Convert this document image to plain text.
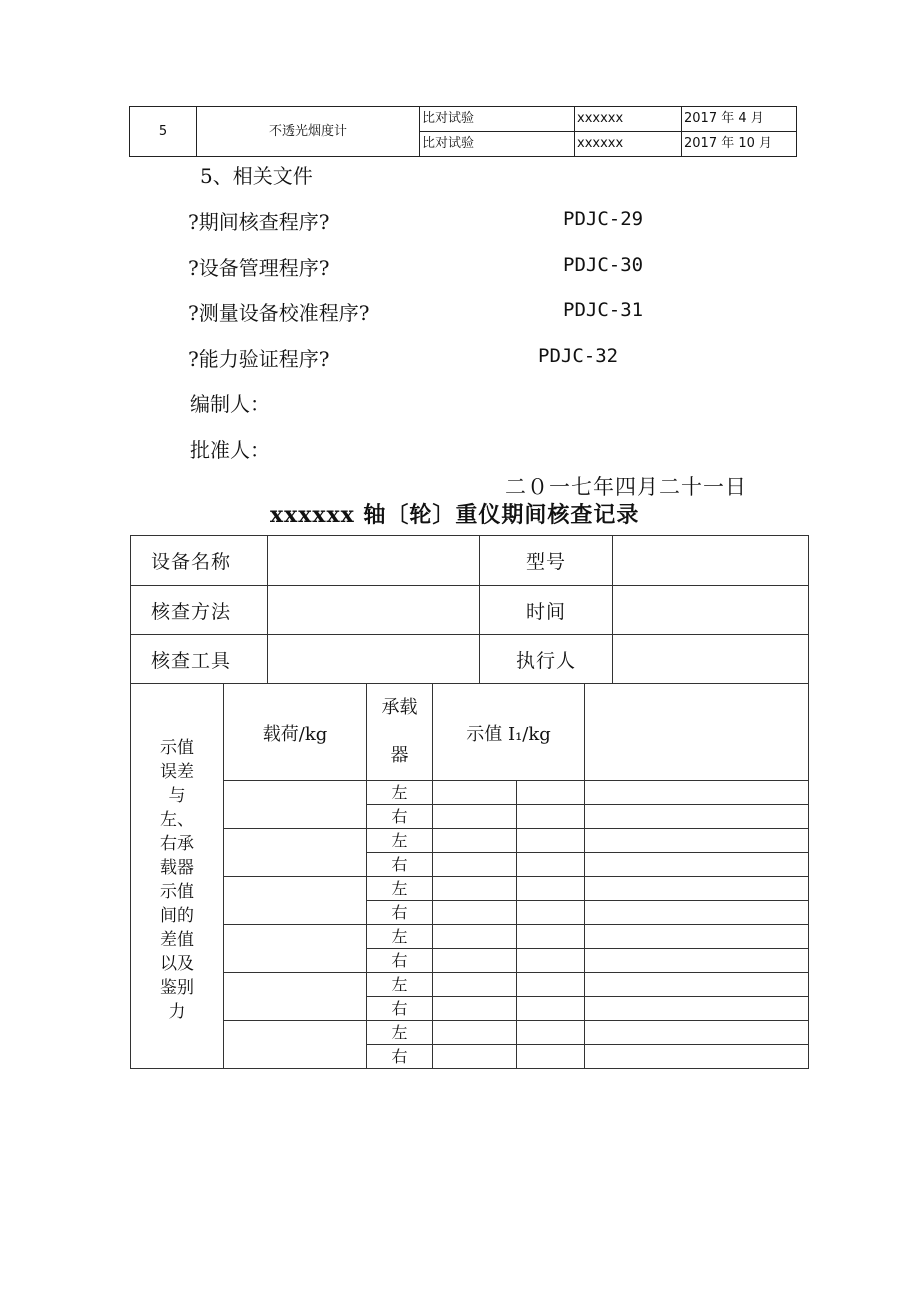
5	不透光烟度计	比对试验	xxxxxx	2017 年 4 月
		比对试验	xxxxxx	2017 年 10 月
5、相关文件
?期间核查程序?	PDJC-29
?设备管理程序?	PDJC-30
?测量设备校准程序?	PDJC-31
?能力验证程序?	PDJC-32
编制人：
批准人：
二０一七年四月二十一日
xxxxxx 轴〔轮〕重仪期间核查记录
设备名称		型号	
核查方法		时间	
核查工具		执行人	
示值误差与左、右承载器示值间的差值以及鉴别力	载荷/kg	承载器	示值 I₁/kg		
		左			
		右			
		左			
		右			
		左			
		右			
		左			
		右			
		左			
		右			
		左			
		右			
